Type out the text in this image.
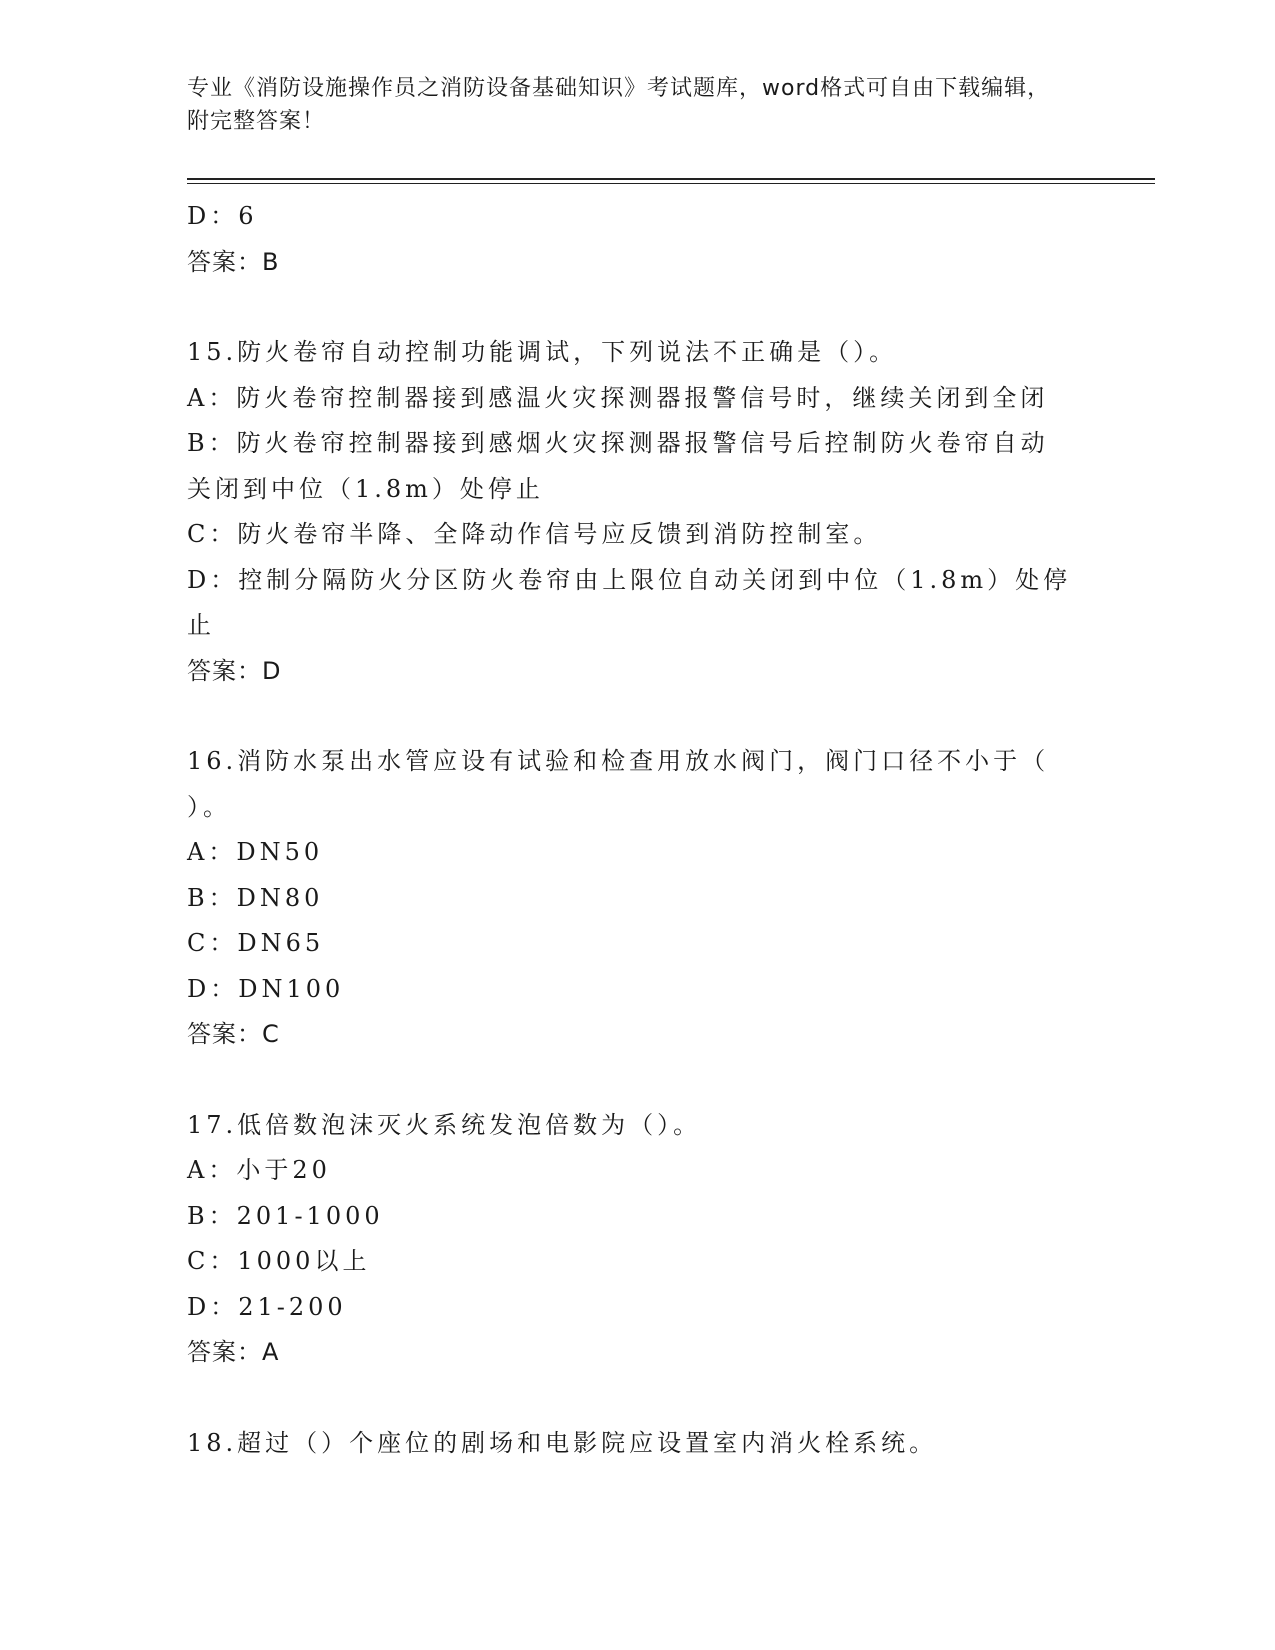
专业《消防设施操作员之消防设备基础知识》考试题库，word格式可自由下载编辑，附完整答案！
D：6
答案：B
15.防火卷帘自动控制功能调试，下列说法不正确是（）。
A：防火卷帘控制器接到感温火灾探测器报警信号时，继续关闭到全闭
B：防火卷帘控制器接到感烟火灾探测器报警信号后控制防火卷帘自动
关闭到中位（1.8m）处停止
C：防火卷帘半降、全降动作信号应反馈到消防控制室。
D：控制分隔防火分区防火卷帘由上限位自动关闭到中位（1.8m）处停
止
答案：D
16.消防水泵出水管应设有试验和检查用放水阀门，阀门口径不小于（
）。
A：DN50
B：DN80
C：DN65
D：DN100
答案：C
17.低倍数泡沫灭火系统发泡倍数为（）。
A：小于20
B：201-1000
C：1000以上
D：21-200
答案：A
18.超过（）个座位的剧场和电影院应设置室内消火栓系统。
